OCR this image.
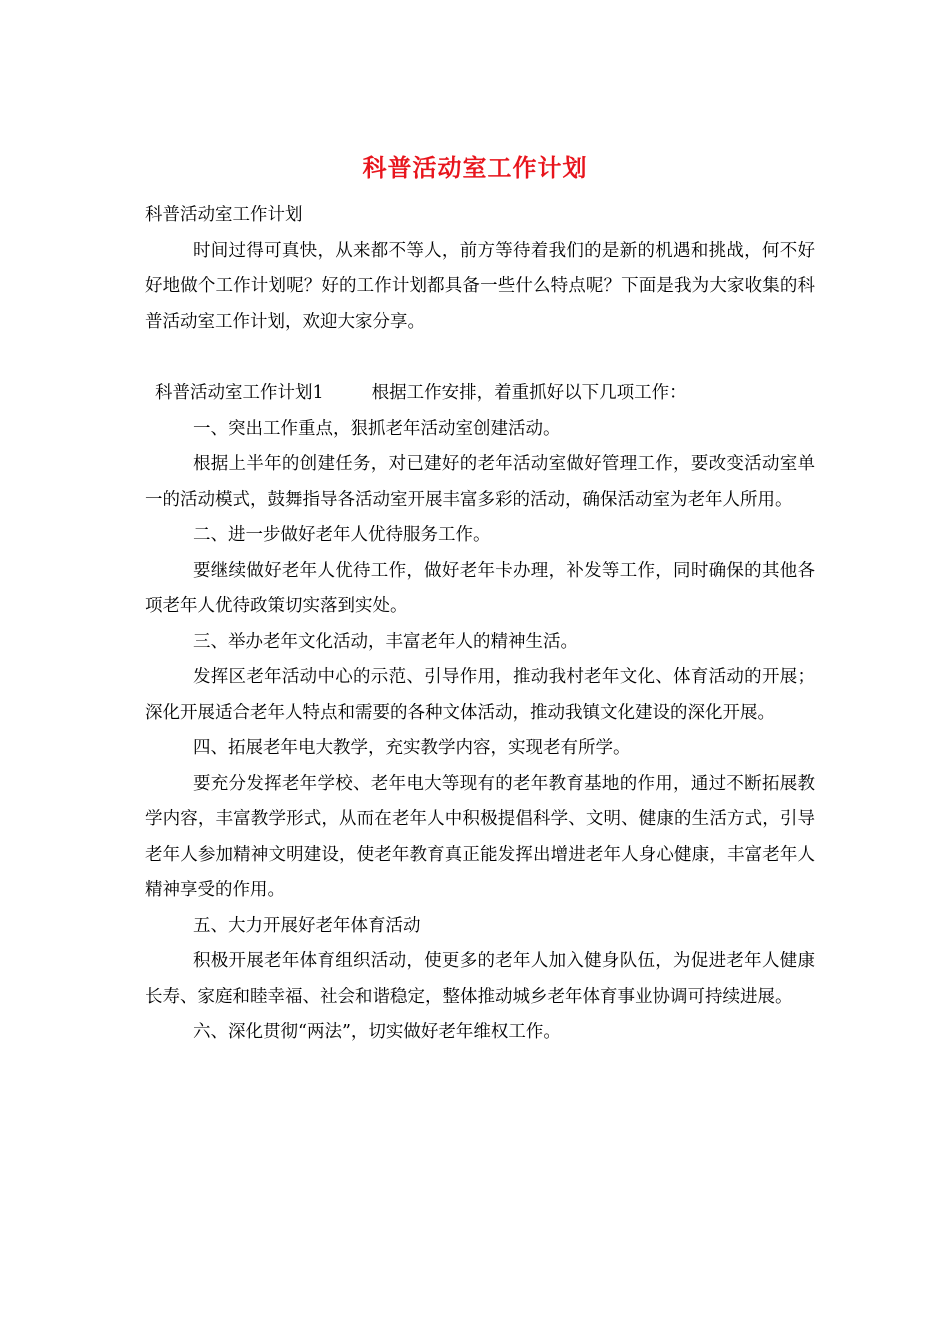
科普活动室工作计划

科普活动室工作计划

时间过得可真快，从来都不等人，前方等待着我们的是新的机遇和挑战，何不好好地做个工作计划呢？好的工作计划都具备一些什么特点呢？下面是我为大家收集的科普活动室工作计划，欢迎大家分享。

科普活动室工作计划1	根据工作安排，着重抓好以下几项工作：

一、突出工作重点，狠抓老年活动室创建活动。

根据上半年的创建任务，对已建好的老年活动室做好管理工作，要改变活动室单一的活动模式，鼓舞指导各活动室开展丰富多彩的活动，确保活动室为老年人所用。

二、进一步做好老年人优待服务工作。

要继续做好老年人优待工作，做好老年卡办理，补发等工作，同时确保的其他各项老年人优待政策切实落到实处。

三、举办老年文化活动，丰富老年人的精神生活。

发挥区老年活动中心的示范、引导作用，推动我村老年文化、体育活动的开展；深化开展适合老年人特点和需要的各种文体活动，推动我镇文化建设的深化开展。

四、拓展老年电大教学，充实教学内容，实现老有所学。

要充分发挥老年学校、老年电大等现有的老年教育基地的作用，通过不断拓展教学内容，丰富教学形式，从而在老年人中积极提倡科学、文明、健康的生活方式，引导老年人参加精神文明建设，使老年教育真正能发挥出增进老年人身心健康，丰富老年人精神享受的作用。

五、大力开展好老年体育活动

积极开展老年体育组织活动，使更多的老年人加入健身队伍，为促进老年人健康长寿、家庭和睦幸福、社会和谐稳定，整体推动城乡老年体育事业协调可持续进展。

六、深化贯彻“两法”，切实做好老年维权工作。
